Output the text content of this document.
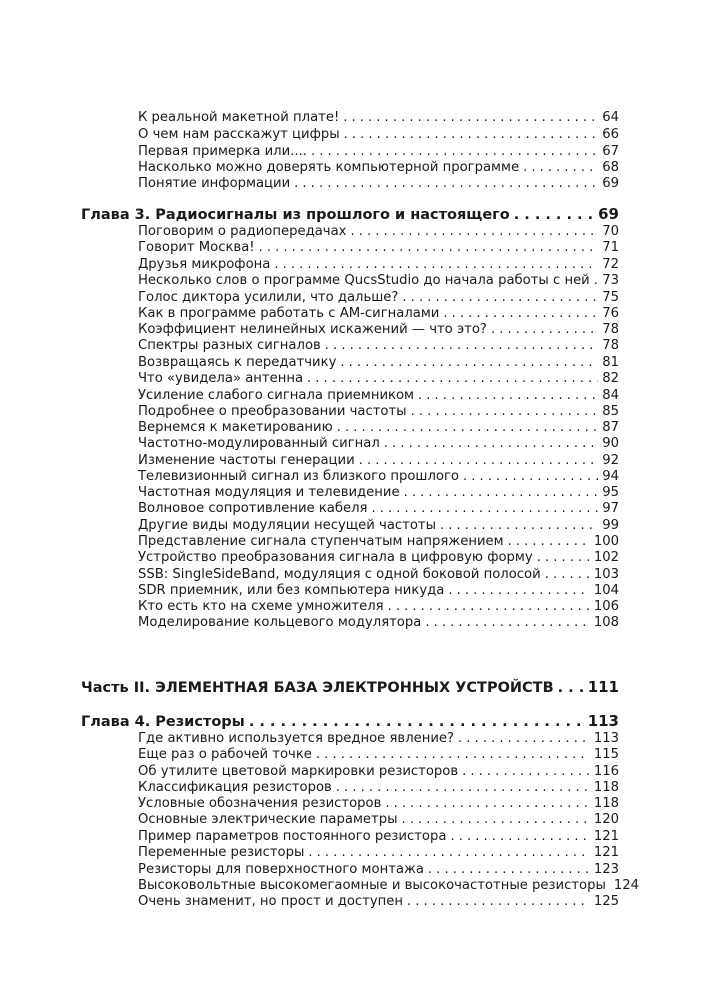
К реальной макетной плате! . . .	64
О чем нам расскажут цифры . . .	66
Первая примерка или.... . . .	67
Насколько можно доверять компьютерной программе . . .	68
Понятие информации . . .	69
Глава 3. Радиосигналы из прошлого и настоящего . . .	69
Поговорим о радиопередачах . . .	70
Говорит Москва! . . .	71
Друзья микрофона . . .	72
Несколько слов о программе QucsStudio до начала работы с ней . . . 73
Голос диктора усилили, что дальше? . . .	75
Как в программе работать с АМ-сигналами . . .	76
Коэффициент нелинейных искажений — что это? . . .	78
Спектры разных сигналов . . .	78
Возвращаясь к передатчику . . .	81
Что «увидела» антенна . . .	82
Усиление слабого сигнала приемником . . .	84
Подробнее о преобразовании частоты . . .	85
Вернемся к макетированию . . .	87
Частотно-модулированный сигнал . . .	90
Изменение частоты генерации . . .	92
Телевизионный сигнал из близкого прошлого . . .	94
Частотная модуляция и телевидение . . .	95
Волновое сопротивление кабеля . . .	97
Другие виды модуляции несущей частоты . . .	99
Представление сигнала ступенчатым напряжением . . .	100
Устройство преобразования сигнала в цифровую форму . . .	102
SSB: SingleSideBand, модуляция с одной боковой полосой . . .	103
SDR приемник, или без компьютера никуда . . .	104
Кто есть кто на схеме умножителя . . .	106
Моделирование кольцевого модулятора . . .	108
Часть II. ЭЛЕМЕНТНАЯ БАЗА ЭЛЕКТРОННЫХ УСТРОЙСТВ . . . 111
Глава 4. Резисторы . . .	113
Где активно используется вредное явление? . . .	113
Еще раз о рабочей точке . . .	115
Об утилите цветовой маркировки резисторов . . .	116
Классификация резисторов . . .	118
Условные обозначения резисторов . . .	118
Основные электрические параметры . . .	120
Пример параметров постоянного резистора . . .	121
Переменные резисторы . . .	121
Резисторы для поверхностного монтажа . . .	123
Высоковольтные высокомегаомные и высокочастотные резисторы 124
Очень знаменит, но прост и доступен . . .	125
